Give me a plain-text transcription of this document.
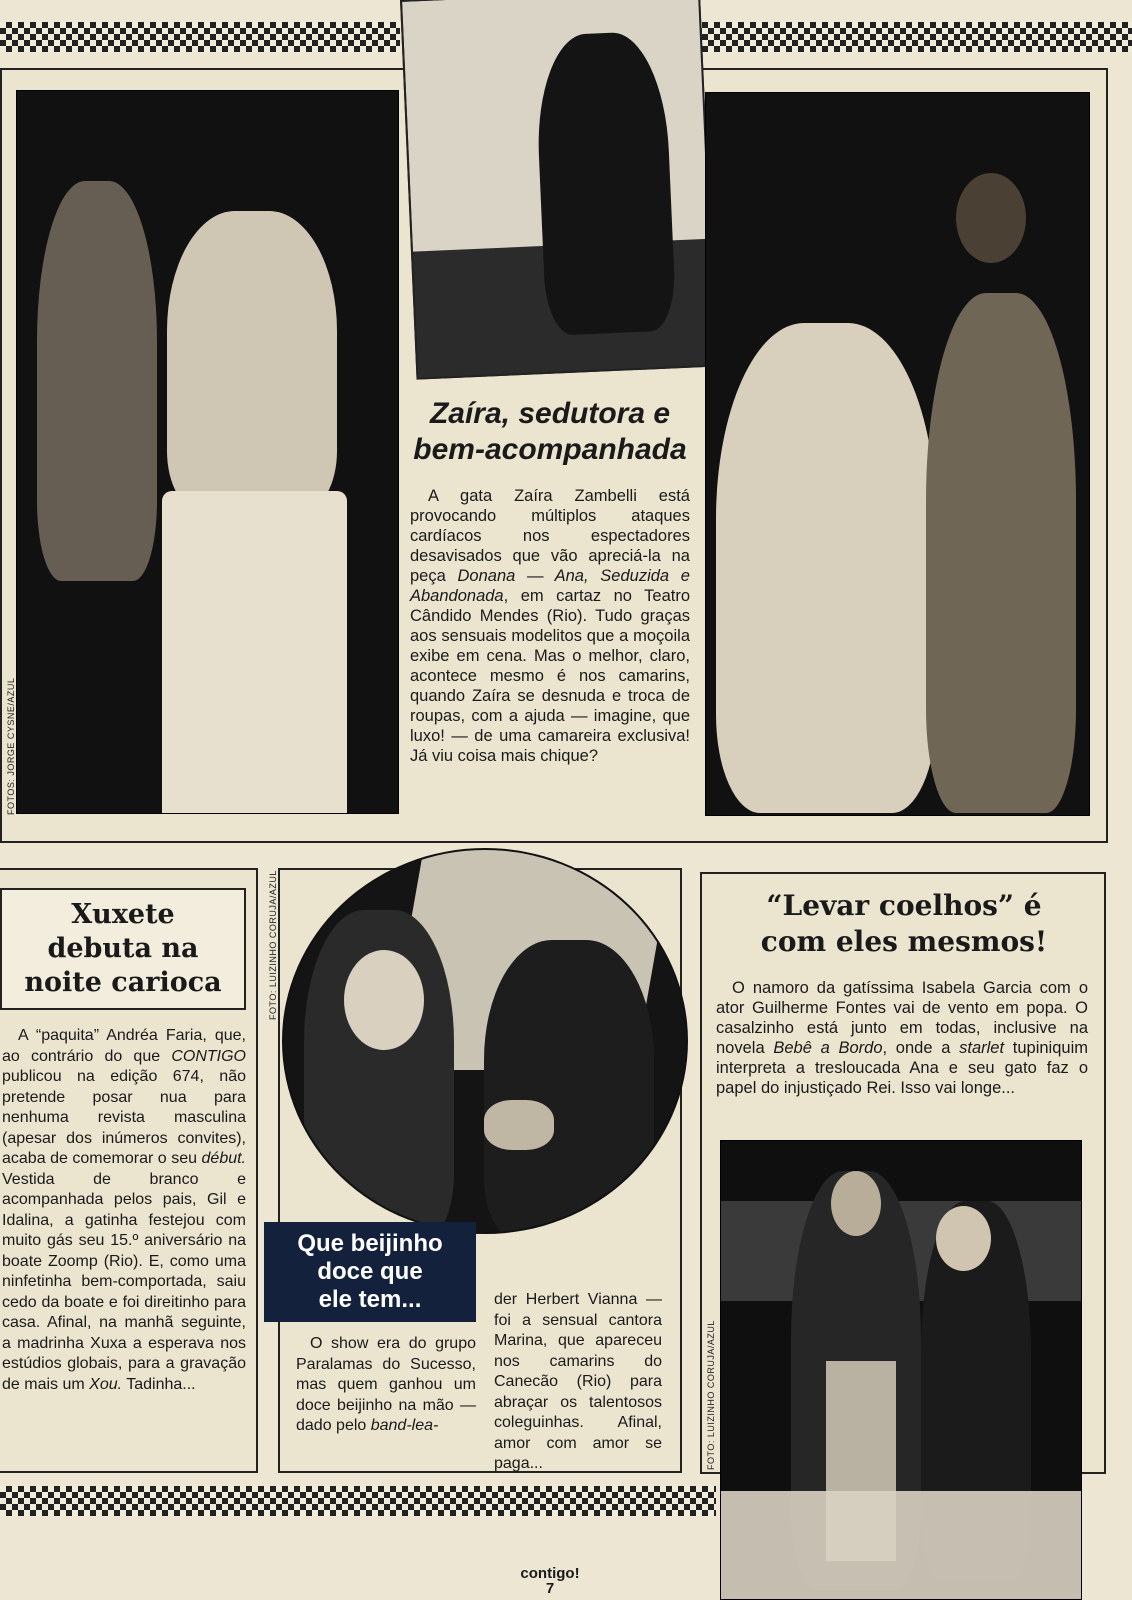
FOTOS: JORGE CYSNE/AZUL
Zaíra, sedutora e
bem-acompanhada

A gata Zaíra Zambelli está provocando múltiplos ataques cardíacos nos espectadores desavisados que vão apreciá-la na peça Donana — Ana, Seduzida e Abandonada, em cartaz no Teatro Cândido Mendes (Rio). Tudo graças aos sensuais modelitos que a moçoila exibe em cena. Mas o melhor, claro, acontece mesmo é nos camarins, quando Zaíra se desnuda e troca de roupas, com a ajuda — imagine, que luxo! — de uma camareira exclusiva! Já viu coisa mais chique?

Xuxete
debuta na
noite carioca

A “paquita” Andréa Faria, que, ao contrário do que CONTIGO publicou na edição 674, não pretende posar nua para nenhuma revista masculina (apesar dos inúmeros convites), acaba de comemorar o seu début. Vestida de branco e acompanhada pelos pais, Gil e Idalina, a gatinha festejou com muito gás seu 15.º aniversário na boate Zoomp (Rio). E, como uma ninfetinha bem-comportada, saiu cedo da boate e foi direitinho para casa. Afinal, na manhã seguinte, a madrinha Xuxa a esperava nos estúdios globais, para a gravação de mais um Xou. Tadinha...

FOTO: LUIZINHO CORUJA/AZUL
Que beijinho
doce que
ele tem...

O show era do grupo Paralamas do Sucesso, mas quem ganhou um doce beijinho na mão — dado pelo band-lea-

der Herbert Vianna — foi a sensual cantora Marina, que apareceu nos camarins do Canecão (Rio) para abraçar os talentosos coleguinhas. Afinal, amor com amor se paga...

“Levar coelhos” é
com eles mesmos!

O namoro da gatíssima Isabela Garcia com o ator Guilherme Fontes vai de vento em popa. O casalzinho está junto em todas, inclusive na novela Bebê a Bordo, onde a starlet tupiniquim interpreta a tresloucada Ana e seu gato faz o papel do injustiçado Rei. Isso vai longe...

FOTO: LUIZINHO CORUJA/AZUL
contigo!
7
